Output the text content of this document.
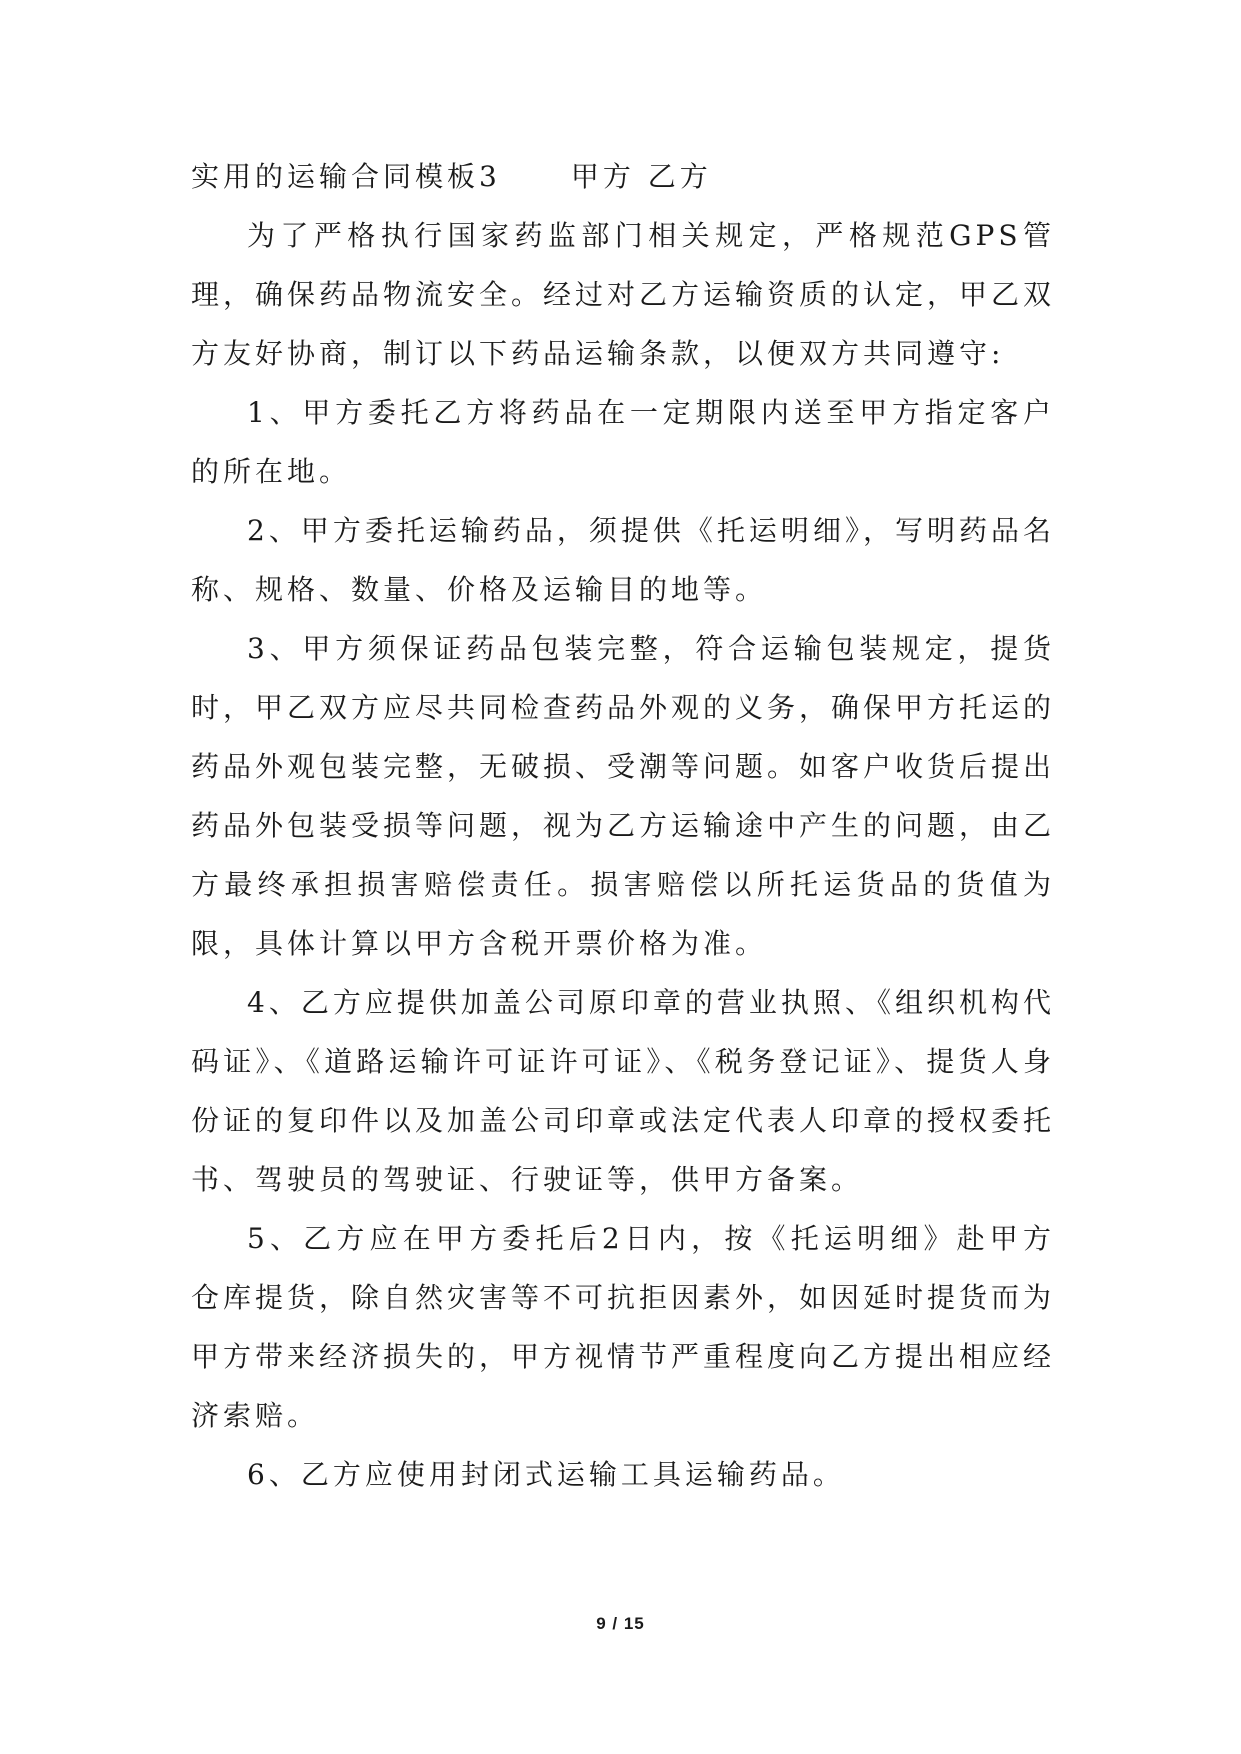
实用的运输合同模板3	甲方 乙方

为了严格执行国家药监部门相关规定，严格规范GPS管理，确保药品物流安全。经过对乙方运输资质的认定，甲乙双方友好协商，制订以下药品运输条款，以便双方共同遵守:

1、甲方委托乙方将药品在一定期限内送至甲方指定客户的所在地。

2、甲方委托运输药品，须提供《托运明细》，写明药品名称、规格、数量、价格及运输目的地等。

3、甲方须保证药品包装完整，符合运输包装规定，提货时，甲乙双方应尽共同检查药品外观的义务，确保甲方托运的药品外观包装完整，无破损、受潮等问题。如客户收货后提出药品外包装受损等问题，视为乙方运输途中产生的问题，由乙方最终承担损害赔偿责任。损害赔偿以所托运货品的货值为限，具体计算以甲方含税开票价格为准。

4、乙方应提供加盖公司原印章的营业执照、《组织机构代码证》、《道路运输许可证许可证》、《税务登记证》、提货人身份证的复印件以及加盖公司印章或法定代表人印章的授权委托书、驾驶员的驾驶证、行驶证等，供甲方备案。

5、乙方应在甲方委托后2日内，按《托运明细》赴甲方仓库提货，除自然灾害等不可抗拒因素外，如因延时提货而为甲方带来经济损失的，甲方视情节严重程度向乙方提出相应经济索赔。

6、乙方应使用封闭式运输工具运输药品。

9 / 15
